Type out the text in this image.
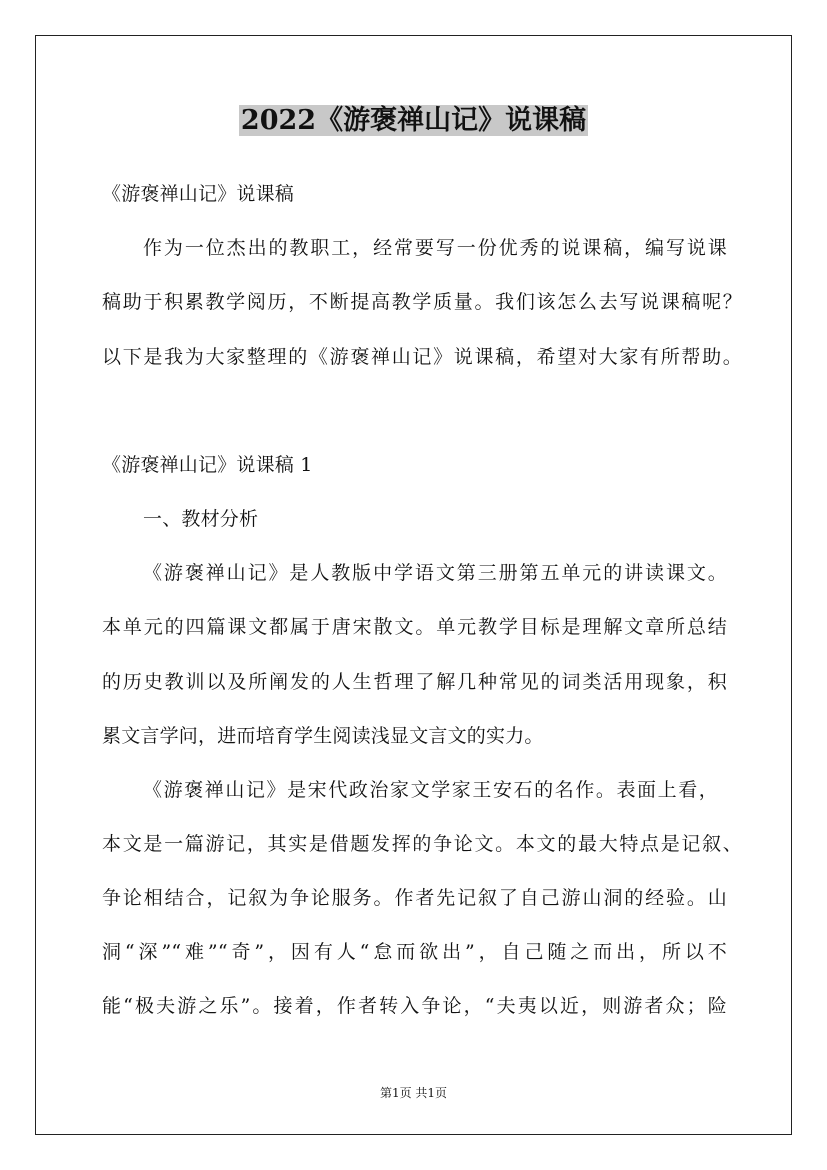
2022《游褒禅山记》说课稿
《游褒禅山记》说课稿
作为一位杰出的教职工，经常要写一份优秀的说课稿，编写说课
稿助于积累教学阅历，不断提高教学质量。我们该怎么去写说课稿呢？
以下是我为大家整理的《游褒禅山记》说课稿，希望对大家有所帮助。
《游褒禅山记》说课稿 1
一、教材分析
《游褒禅山记》是人教版中学语文第三册第五单元的讲读课文。
本单元的四篇课文都属于唐宋散文。单元教学目标是理解文章所总结
的历史教训以及所阐发的人生哲理了解几种常见的词类活用现象，积
累文言学问，进而培育学生阅读浅显文言文的实力。
《游褒禅山记》是宋代政治家文学家王安石的名作。表面上看，
本文是一篇游记，其实是借题发挥的争论文。本文的最大特点是记叙、
争论相结合，记叙为争论服务。作者先记叙了自己游山洞的经验。山
洞“深”“难”“奇”，因有人“怠而欲出”，自己随之而出，所以不
能“极夫游之乐”。接着，作者转入争论，“夫夷以近，则游者众；险
第1页 共1页
